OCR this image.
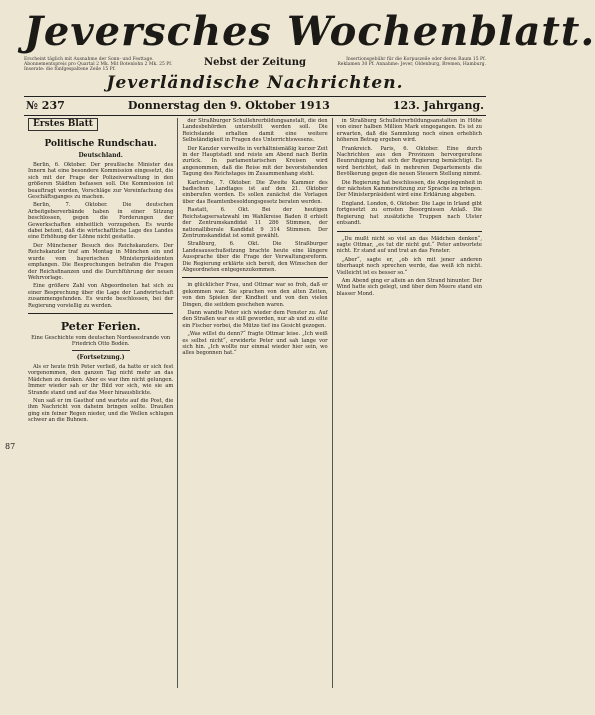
Jeversches Wochenblatt.
Erscheint täglich mit Ausnahme der Sonn- und Festtage. Abonnementspreis pro Quartal 2 Mk. Mit Botenlohn 2 Mk. 25 Pf. Inserate: die fünfgespaltene Zeile 15 Pf.
Nebst der Zeitung	Insertionsgebühr für die Korpuszeile oder deren Raum 15 Pf. Reklamen 30 Pf. Annahme: Jever, Oldenburg, Bremen, Hamburg.
Jeverländische Nachrichten.
№ 237	Donnerstag den 9. Oktober 1913	123. Jahrgang.
Erstes Blatt
Politische Rundschau.
Deutschland.

Berlin, 6. Oktober. Der preußische Minister des Innern hat eine besondere Kommission eingesetzt, die sich mit der Frage der Polizeiverwaltung in den größeren Städten befassen soll. Die Kommission ist beauftragt worden, Vorschläge zur Vereinfachung des Geschäftsganges zu machen.

Berlin, 7. Oktober. Die deutschen Arbeitgeberverbände haben in einer Sitzung beschlossen, gegen die Forderungen der Gewerkschaften einheitlich vorzugehen. Es wurde dabei betont, daß die wirtschaftliche Lage des Landes eine Erhöhung der Löhne nicht gestatte.

Der Münchener Besuch des Reichskanzlers. Der Reichskanzler traf am Montag in München ein und wurde vom bayerischen Ministerpräsidenten empfangen. Die Besprechungen betrafen die Fragen der Reichsfinanzen und die Durchführung der neuen Wehrvorlage.

Eine größere Zahl von Abgeordneten hat sich zu einer Besprechung über die Lage der Landwirtschaft zusammengefunden. Es wurde beschlossen, bei der Regierung vorstellig zu werden.

Peter Ferien.
Eine Geschichte vom deutschen Nordseestrande von Friedrich Otto Bodén.
(Fortsetzung.)

Als er heute früh Peter verließ, da hatte er sich fest vorgenommen, den ganzen Tag nicht mehr an das Mädchen zu denken. Aber es war ihm nicht gelungen. Immer wieder sah er ihr Bild vor sich, wie sie am Strande stand und auf das Meer hinausblickte.

Nun saß er im Gasthof und wartete auf die Post, die ihm Nachricht von daheim bringen sollte. Draußen ging ein feiner Regen nieder, und die Wellen schlugen schwer an die Buhnen.

der Straßburger Schullehrerbildungsanstalt, die den Landesbehörden unterstellt werden soll. Die Reichslande erhalten damit eine weitere Selbständigkeit in Fragen des Unterrichtswesens.

Der Kanzler verweilte in verhältnismäßig kurzer Zeit in der Hauptstadt und reiste am Abend nach Berlin zurück. In parlamentarischen Kreisen wird angenommen, daß die Reise mit der bevorstehenden Tagung des Reichstages im Zusammenhang steht.

Karlsruhe, 7. Oktober. Die Zweite Kammer des badischen Landtages ist auf den 21. Oktober einberufen worden. Es sollen zunächst die Vorlagen über das Beamtenbesoldungsgesetz beraten werden.

Rastatt, 6. Okt. Bei der heutigen Reichstagsersatzwahl im Wahlkreise Baden 8 erhielt der Zentrumskandidat 11 286 Stimmen, der nationalliberale Kandidat 9 314 Stimmen. Der Zentrumskandidat ist somit gewählt.

Straßburg, 6. Okt. Die Straßburger Landesausschußsitzung brachte heute eine längere Aussprache über die Frage der Verwaltungsreform. Die Regierung erklärte sich bereit, den Wünschen der Abgeordneten entgegenzukommen.

in glücklicher Frau, und Ottmar war so froh, daß er gekommen war. Sie sprachen von den alten Zeiten, von den Spielen der Kindheit und von den vielen Dingen, die seitdem geschehen waren.

Dann wandte Peter sich wieder dem Fenster zu. Auf den Straßen war es still geworden, nur ab und zu eilte ein Fischer vorbei, die Mütze tief ins Gesicht gezogen.

„Was willst du denn?“ fragte Ottmar leise. „Ich weiß es selbst nicht“, erwiderte Peter und sah lange vor sich hin. „Ich wollte nur einmal wieder hier sein, wo alles begonnen hat.“

in Straßburg Schullehrerbildungsanstalten in Höhe von einer halben Million Mark eingegangen. Es ist zu erwarten, daß die Sammlung noch einen erheblich höheren Betrag ergeben wird.

Frankreich. Paris, 6. Oktober. Eine durch Nachrichten aus den Provinzen hervorgerufene Beunruhigung hat sich der Regierung bemächtigt. Es wird berichtet, daß in mehreren Departements die Bevölkerung gegen die neuen Steuern Stellung nimmt.

Die Regierung hat beschlossen, die Angelegenheit in der nächsten Kammersitzung zur Sprache zu bringen. Der Ministerpräsident wird eine Erklärung abgeben.

England. London, 6. Oktober. Die Lage in Irland gibt fortgesetzt zu ernsten Besorgnissen Anlaß. Die Regierung hat zusätzliche Truppen nach Ulster entsandt.

„Du mußt nicht so viel an das Mädchen denken“, sagte Ottmar, „es tut dir nicht gut.“ Peter antwortete nicht. Er stand auf und trat an das Fenster.

„Aber“, sagte er, „ob ich mit jener anderen überhaupt noch sprechen werde, das weiß ich nicht. Vielleicht ist es besser so.“

Am Abend ging er allein an den Strand hinunter. Der Wind hatte sich gelegt, und über dem Meere stand ein blasser Mond.

87
